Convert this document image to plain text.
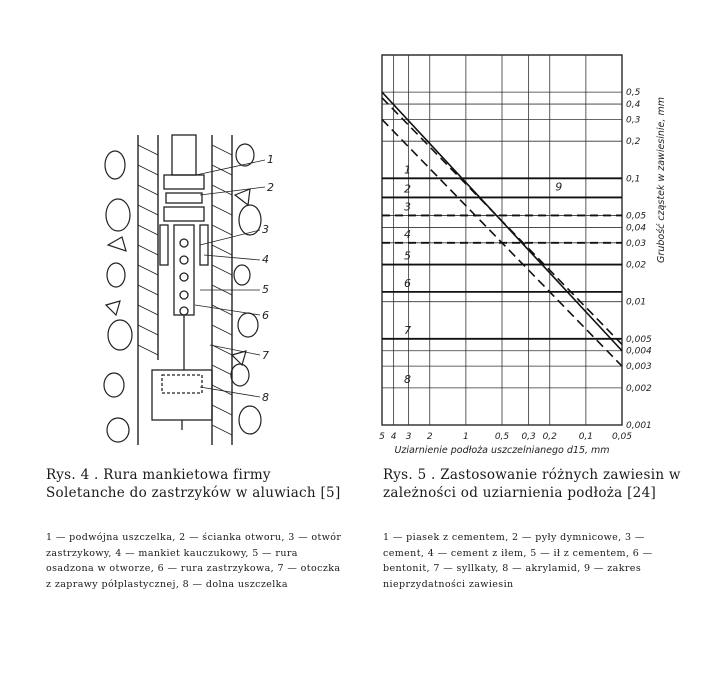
1
2
3
4
5
6
7
8
5 4 3 2	1	0,5 0,3 0,2 0,1 0,05
0,5
0,4
0,3
0,2
0,1
0,05
0,04
0,03
0,02
0,01
0,005
0,004
0,003
0,002
0,001
1
2
3
4
5
6
7
8
9
Uziarnienie podłoża uszczelnianego d15, mm
Grubość cząstek w zawiesinie, mm
Rys. 4 . Rura mankietowa firmy Soletanche do zastrzyków w aluwiach [5]
1 — podwójna uszczelka, 2 — ścianka otworu, 3 — otwór zastrzykowy, 4 — mankiet kauczukowy, 5 — rura osadzona w otworze, 6 — rura zastrzykowa, 7 — otoczka z zaprawy półplastycznej, 8 — dolna uszczelka
Rys. 5 . Zastosowanie różnych zawiesin w zależności od uziarnienia podłoża [24]
1 — piasek z cementem, 2 — pyły dymnicowe, 3 — cement, 4 — cement z iłem, 5 — ił z cementem, 6 — bentonit, 7 — syllkaty, 8 — akrylamid, 9 — zakres nieprzydatności zawiesin
